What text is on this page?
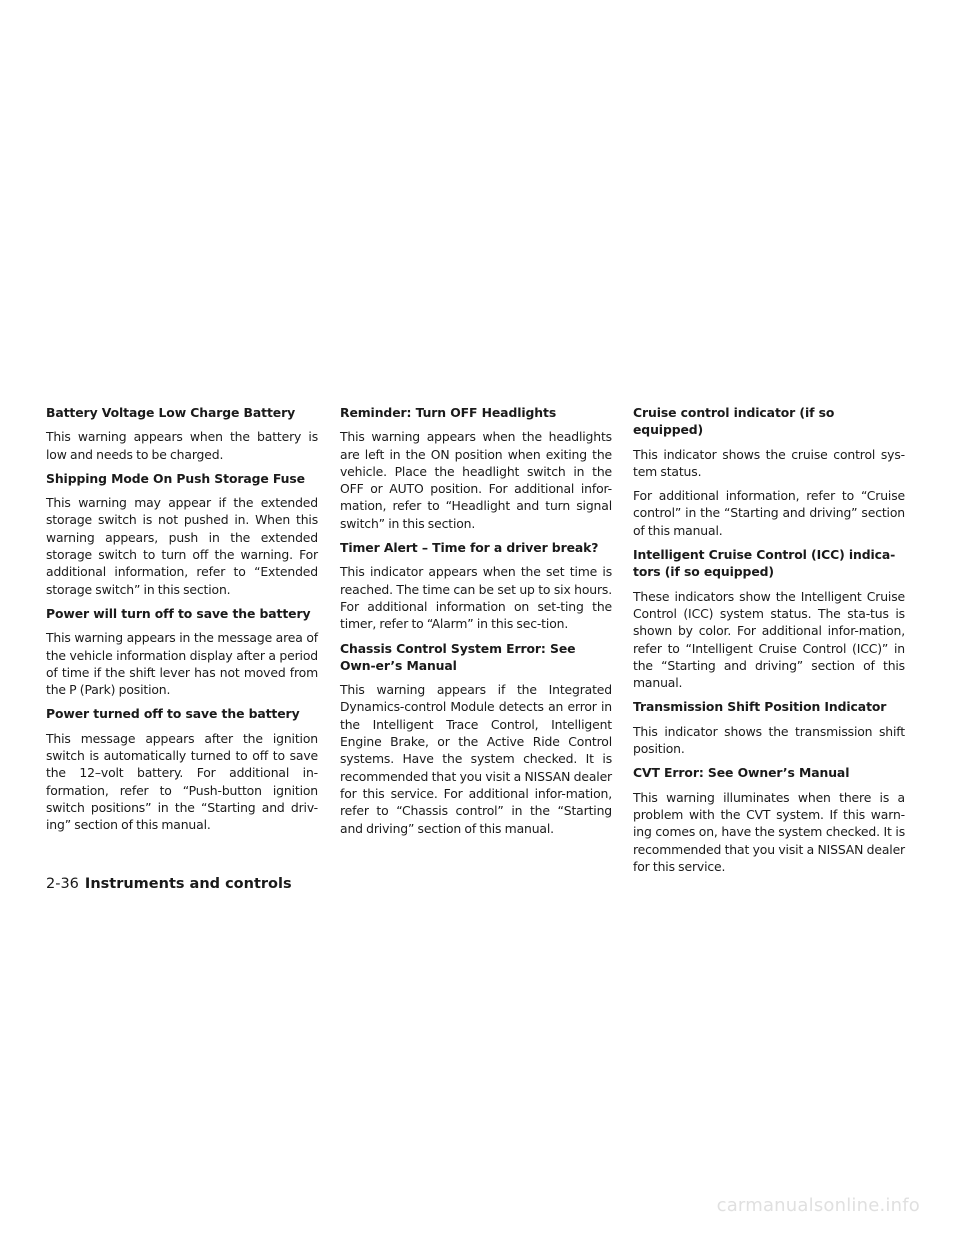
Battery Voltage Low Charge Battery
This warning appears when the battery is low and needs to be charged.
Shipping Mode On Push Storage Fuse
This warning may appear if the extended storage switch is not pushed in. When this warning appears, push in the extended storage switch to turn off the warning. For additional information, refer to “Extended storage switch” in this section.
Power will turn off to save the battery
This warning appears in the message area of the vehicle information display after a period of time if the shift lever has not moved from the P (Park) position.
Power turned off to save the battery
This message appears after the ignition switch is automatically turned to off to save the 12–volt battery. For additional in-formation, refer to “Push-button ignition switch positions” in the “Starting and driv-ing” section of this manual.
Reminder: Turn OFF Headlights
This warning appears when the headlights are left in the ON position when exiting the vehicle. Place the headlight switch in the OFF or AUTO position. For additional infor-mation, refer to “Headlight and turn signal switch” in this section.
Timer Alert – Time for a driver break?
This indicator appears when the set time is reached. The time can be set up to six hours. For additional information on set-ting the timer, refer to “Alarm” in this sec-tion.
Chassis Control System Error: See Own-er’s Manual
This warning appears if the Integrated Dynamics-control Module detects an error in the Intelligent Trace Control, Intelligent Engine Brake, or the Active Ride Control systems. Have the system checked. It is recommended that you visit a NISSAN dealer for this service. For additional infor-mation, refer to “Chassis control” in the “Starting and driving” section of this manual.
Cruise control indicator (if so equipped)
This indicator shows the cruise control sys-tem status.
For additional information, refer to “Cruise control” in the “Starting and driving” section of this manual.
Intelligent Cruise Control (ICC) indica-tors (if so equipped)
These indicators show the Intelligent Cruise Control (ICC) system status. The sta-tus is shown by color. For additional infor-mation, refer to “Intelligent Cruise Control (ICC)” in the “Starting and driving” section of this manual.
Transmission Shift Position Indicator
This indicator shows the transmission shift position.
CVT Error: See Owner’s Manual
This warning illuminates when there is a problem with the CVT system. If this warn-ing comes on, have the system checked. It is recommended that you visit a NISSAN dealer for this service.
2-36 Instruments and controls
carmanualsonline.info
